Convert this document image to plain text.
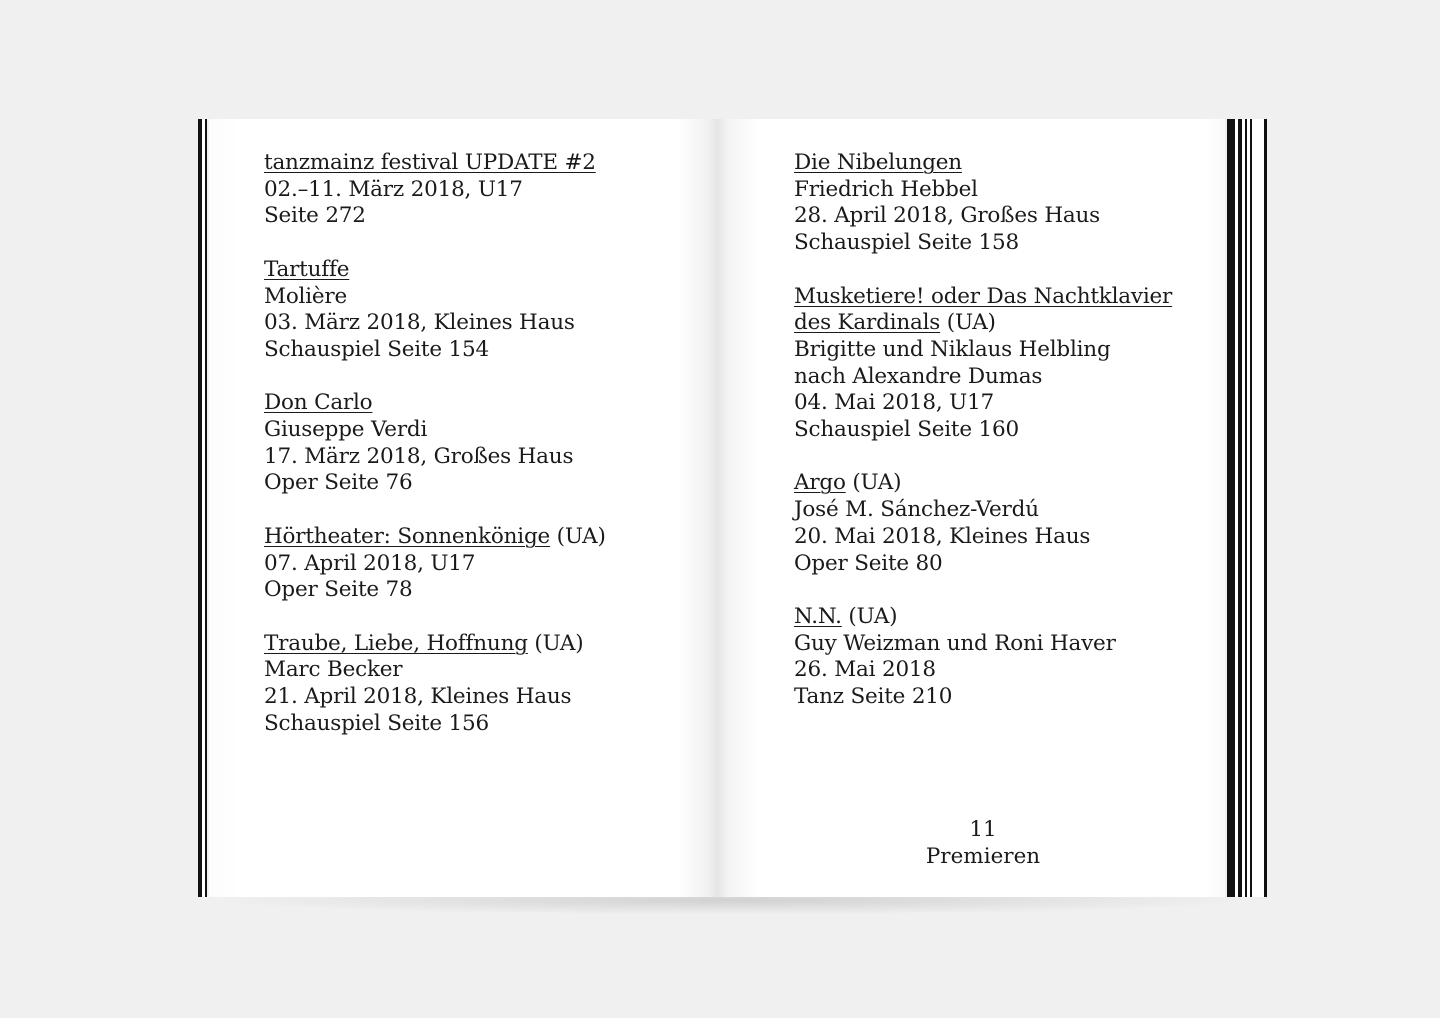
tanzmainz festival UPDATE #2
02.–11. März 2018, U17
Seite 272
Tartuffe
Molière
03. März 2018, Kleines Haus
Schauspiel Seite 154
Don Carlo
Giuseppe Verdi
17. März 2018, Großes Haus
Oper Seite 76
Hörtheater: Sonnenkönige (UA)
07. April 2018, U17
Oper Seite 78
Traube, Liebe, Hoffnung (UA)
Marc Becker
21. April 2018, Kleines Haus
Schauspiel Seite 156
Die Nibelungen
Friedrich Hebbel
28. April 2018, Großes Haus
Schauspiel Seite 158
Musketiere! oder Das Nachtklavier
des Kardinals (UA)
Brigitte und Niklaus Helbling
nach Alexandre Dumas
04. Mai 2018, U17
Schauspiel Seite 160
Argo (UA)
José M. Sánchez-Verdú
20. Mai 2018, Kleines Haus
Oper Seite 80
N.N. (UA)
Guy Weizman und Roni Haver
26. Mai 2018
Tanz Seite 210
11
Premieren
